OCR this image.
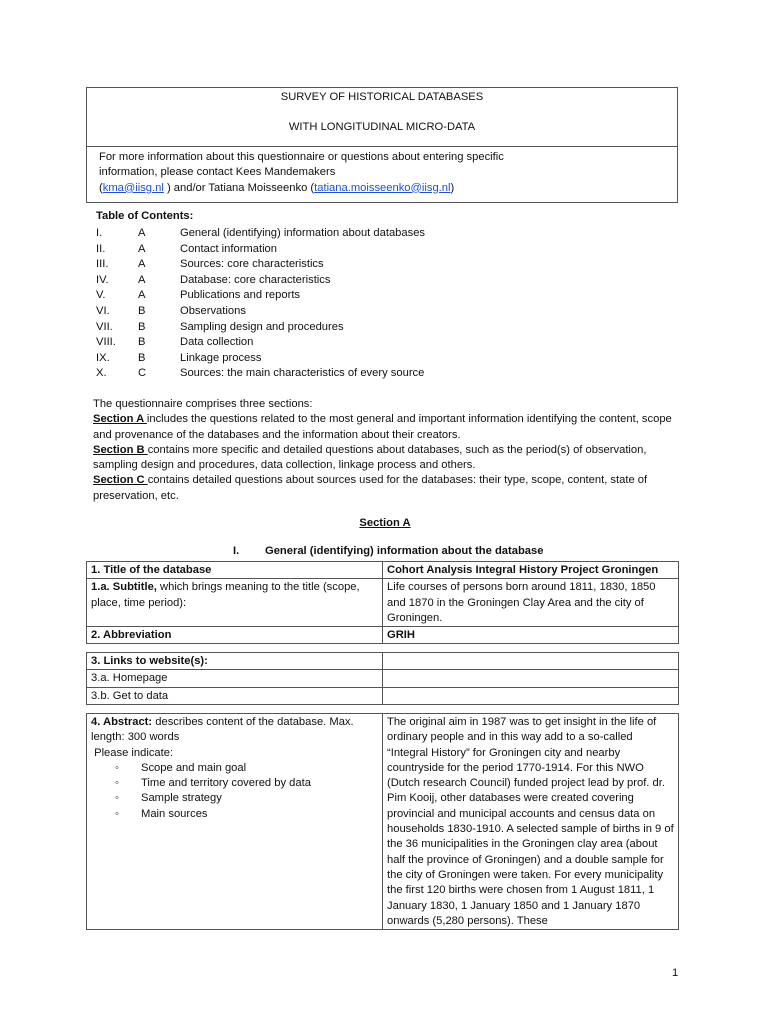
SURVEY OF HISTORICAL DATABASES
WITH LONGITUDINAL MICRO-DATA
For more information about this questionnaire or questions about entering specific
information, please contact Kees Mandemakers
(kma@iisg.nl ) and/or Tatiana Moisseenko (tatiana.moisseenko@iisg.nl)
Table of Contents:
I.	A	General (identifying) information about databases
II.	A	Contact information
III.	A	Sources: core characteristics
IV.	A	Database: core characteristics
V.	A	Publications and reports
VI.	B	Observations
VII. B	Sampling design and procedures
VIII. B	Data collection
IX.	B	Linkage process
X.	C	Sources: the main characteristics of every source

The questionnaire comprises three sections:

Section A includes the questions related to the most general and important information identifying the content, scope and provenance of the databases and the information about their creators.

Section B contains more specific and detailed questions about databases, such as the period(s) of observation, sampling design and procedures, data collection, linkage process and others.

Section C contains detailed questions about sources used for the databases: their type, scope, content, state of preservation, etc.

Section A
I. General (identifying) information about the database
1. Title of the database	Cohort Analysis Integral History Project Groningen
1.a. Subtitle, which brings meaning to the title (scope, place, time period):	Life courses of persons born around 1811, 1830, 1850 and 1870 in the Groningen Clay Area and the city of Groningen.
2. Abbreviation	GRIH
3. Links to website(s):	
3.a. Homepage	
3.b. Get to data	
4. Abstract: describes content of the database. Max. length: 300 words
Please indicate:
◦ Scope and main goal
◦ Time and territory covered by data
◦ Sample strategy
◦ Main sources
	The original aim in 1987 was to get insight in the life of ordinary people and in this way add to a so-called “Integral History” for Groningen city and nearby countryside for the period 1770-1914. For this NWO (Dutch research Council) funded project lead by prof. dr. Pim Kooij, other databases were created covering provincial and municipal accounts and census data on households 1830-1910. A selected sample of births in 9 of the 36 municipalities in the Groningen clay area (about half the province of Groningen) and a double sample for the city of Groningen were taken. For every municipality the first 120 births were chosen from 1 August 1811, 1 January 1830, 1 January 1850 and 1 January 1870 onwards (5,280 persons). These
1
